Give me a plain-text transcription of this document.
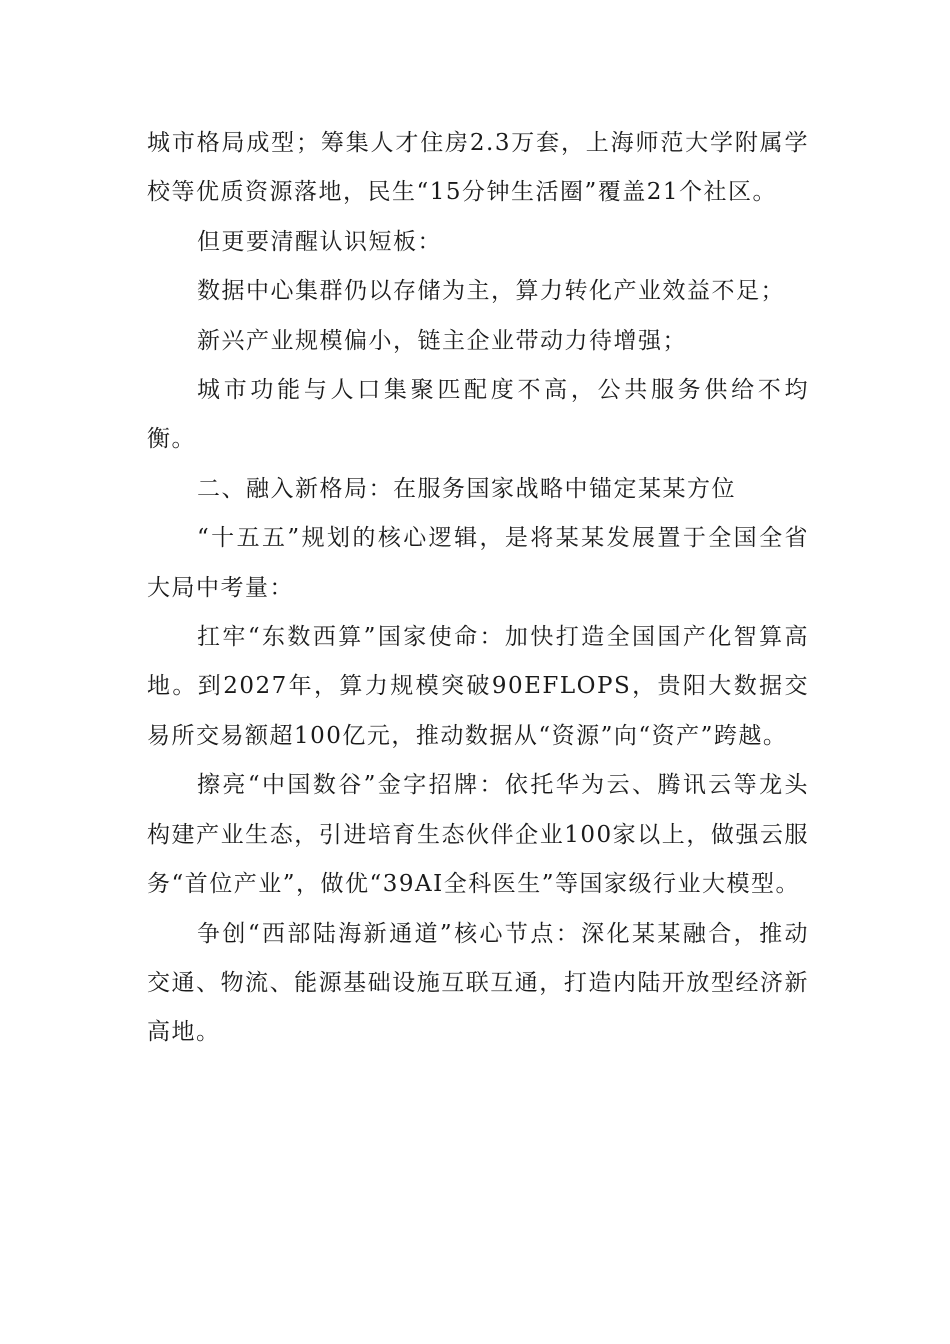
城市格局成型；筹集人才住房2.3万套，上海师范大学附属学校等优质资源落地，民生“15分钟生活圈”覆盖21个社区。

但更要清醒认识短板：

数据中心集群仍以存储为主，算力转化产业效益不足；

新兴产业规模偏小，链主企业带动力待增强；

城市功能与人口集聚匹配度不高，公共服务供给不均衡。

二、融入新格局：在服务国家战略中锚定某某方位

“十五五”规划的核心逻辑，是将某某发展置于全国全省大局中考量：

扛牢“东数西算”国家使命：加快打造全国国产化智算高地。到2027年，算力规模突破90EFLOPS，贵阳大数据交易所交易额超100亿元，推动数据从“资源”向“资产”跨越。

擦亮“中国数谷”金字招牌：依托华为云、腾讯云等龙头构建产业生态，引进培育生态伙伴企业100家以上，做强云服务“首位产业”，做优“39AI全科医生”等国家级行业大模型。

争创“西部陆海新通道”核心节点：深化某某融合，推动交通、物流、能源基础设施互联互通，打造内陆开放型经济新高地。
